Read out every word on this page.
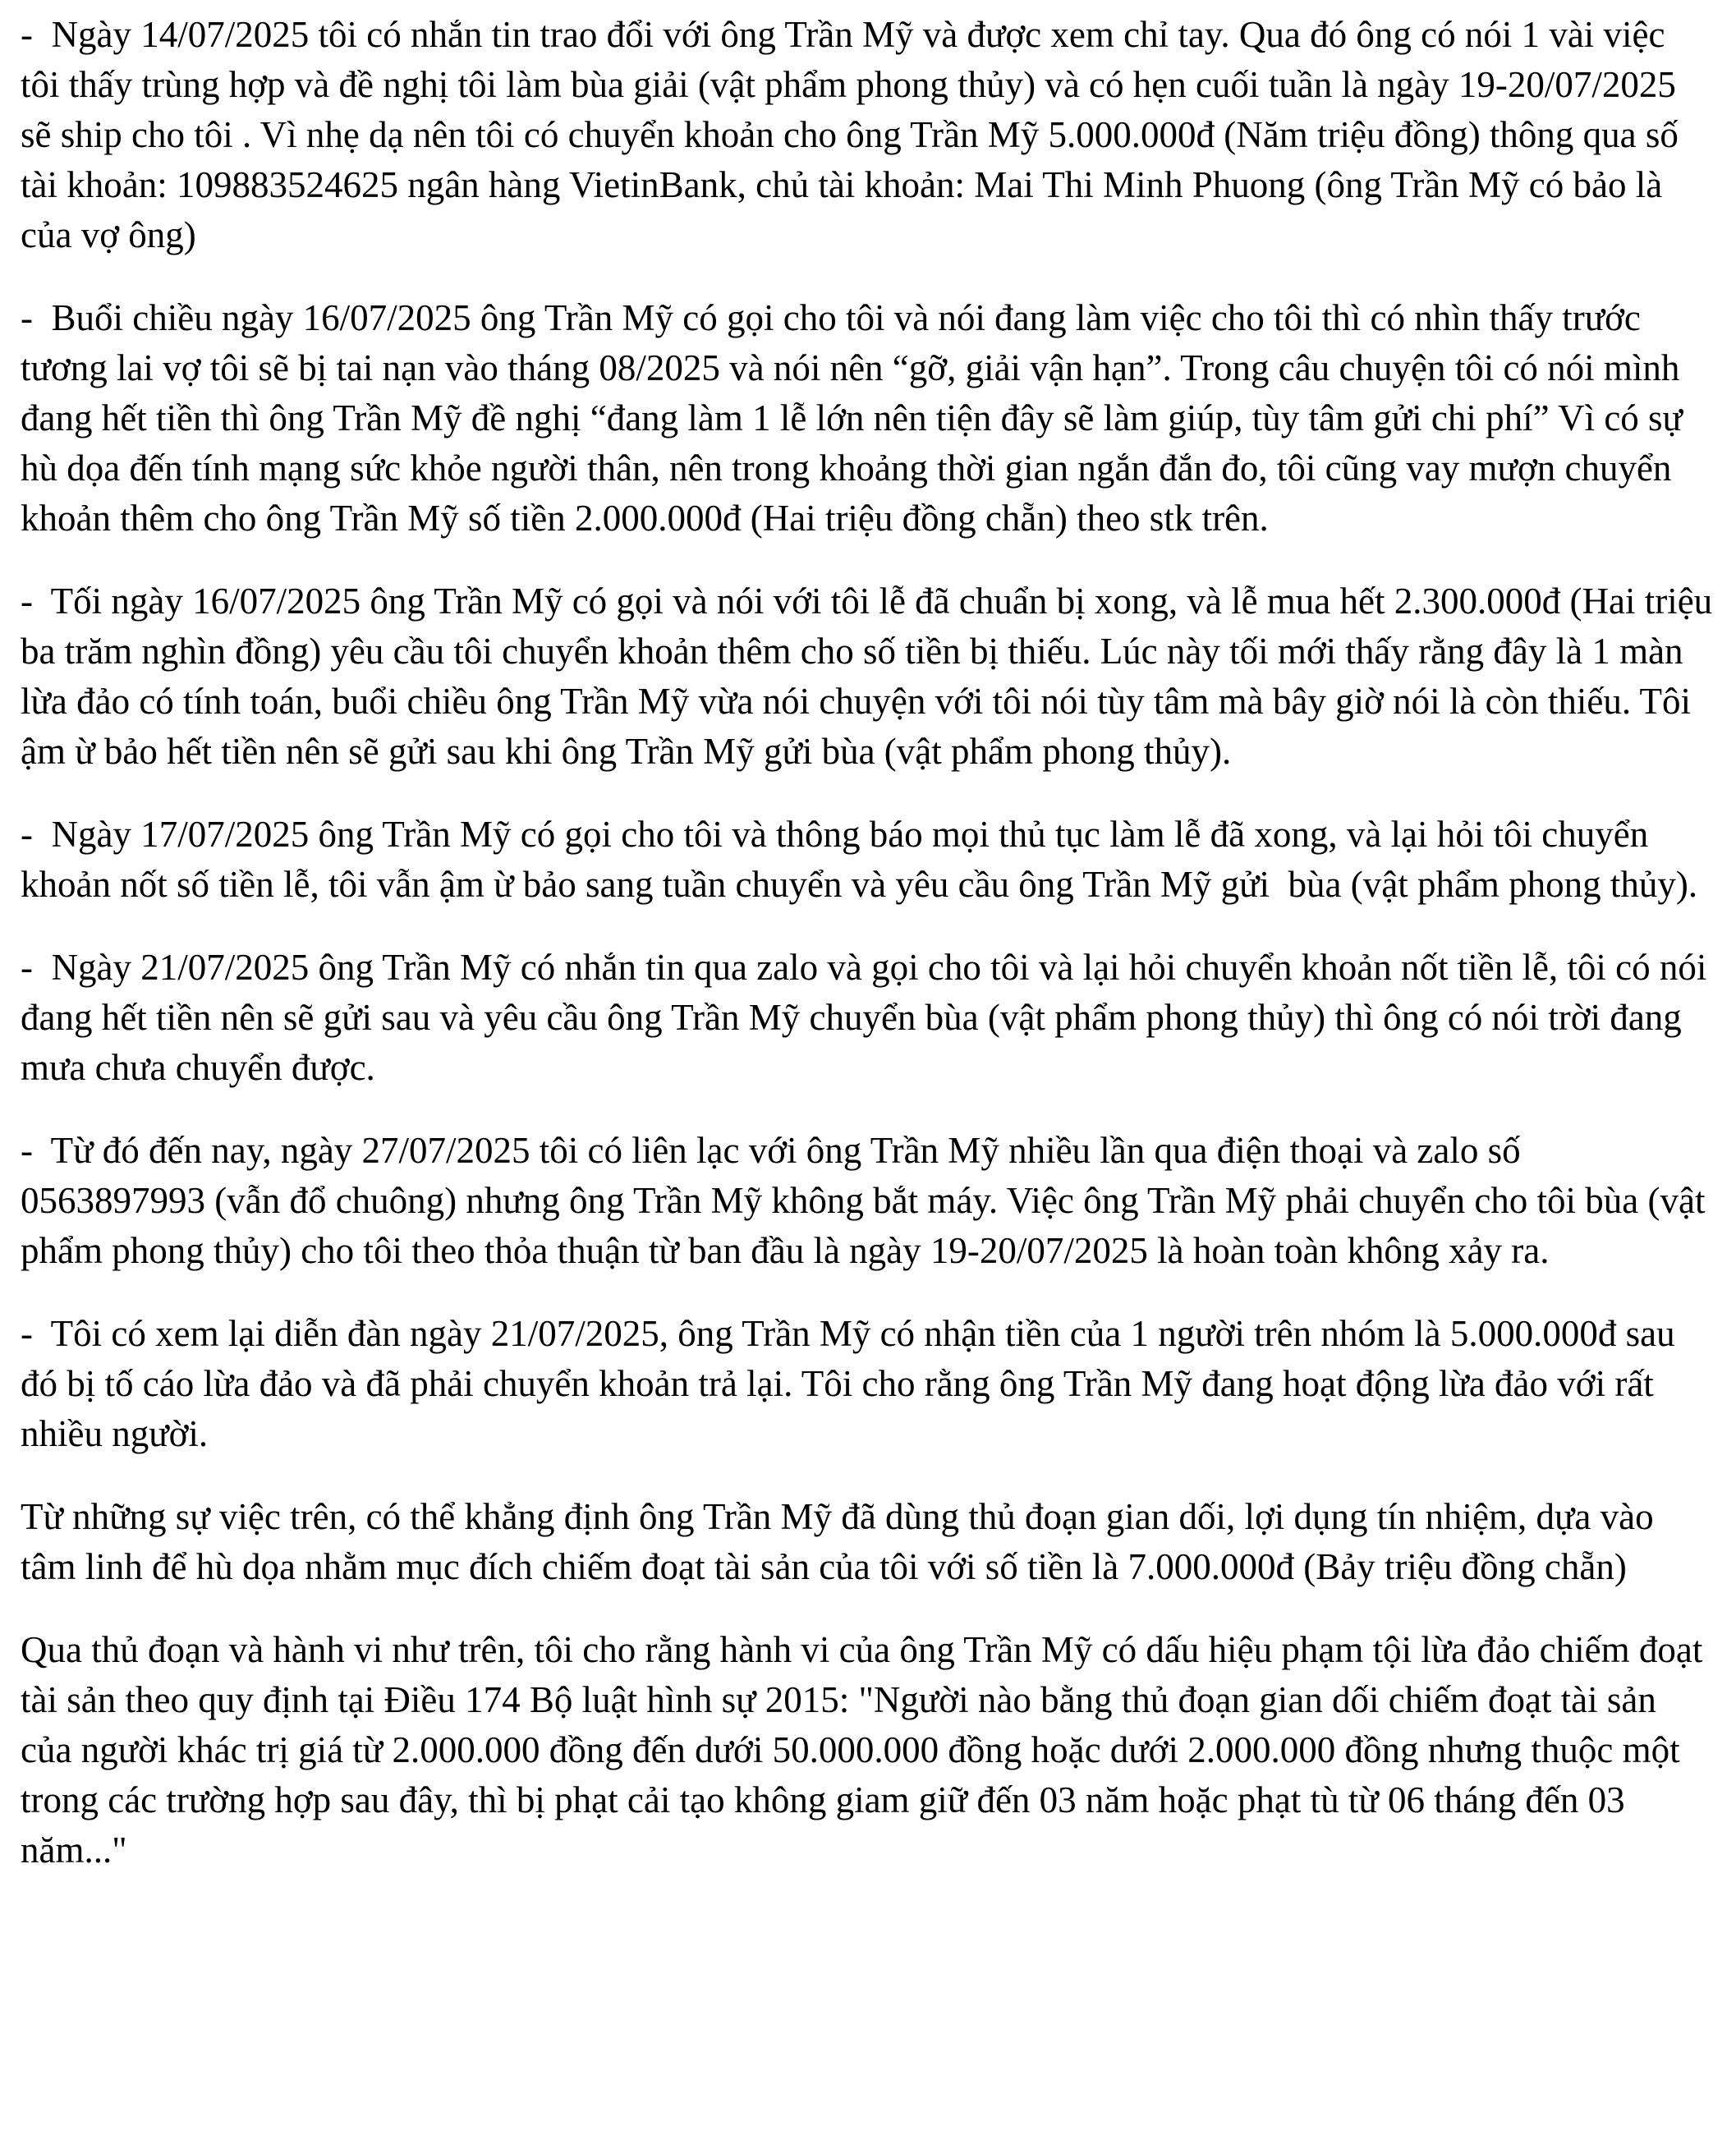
-  Ngày 14/07/2025 tôi có nhắn tin trao đổi với ông Trần Mỹ và được xem chỉ tay. Qua đó ông có nói 1 vài việc tôi thấy trùng hợp và đề nghị tôi làm bùa giải (vật phẩm phong thủy) và có hẹn cuối tuần là ngày 19-20/07/2025 sẽ ship cho tôi . Vì nhẹ dạ nên tôi có chuyển khoản cho ông Trần Mỹ 5.000.000đ (Năm triệu đồng) thông qua số tài khoản: 109883524625 ngân hàng VietinBank, chủ tài khoản: Mai Thi Minh Phuong (ông Trần Mỹ có bảo là của vợ ông)

-  Buổi chiều ngày 16/07/2025 ông Trần Mỹ có gọi cho tôi và nói đang làm việc cho tôi thì có nhìn thấy trước tương lai vợ tôi sẽ bị tai nạn vào tháng 08/2025 và nói nên “gỡ, giải vận hạn”. Trong câu chuyện tôi có nói mình đang hết tiền thì ông Trần Mỹ đề nghị “đang làm 1 lễ lớn nên tiện đây sẽ làm giúp, tùy tâm gửi chi phí” Vì có sự hù dọa đến tính mạng sức khỏe người thân, nên trong khoảng thời gian ngắn đắn đo, tôi cũng vay mượn chuyển khoản thêm cho ông Trần Mỹ số tiền 2.000.000đ (Hai triệu đồng chẵn) theo stk trên.

-  Tối ngày 16/07/2025 ông Trần Mỹ có gọi và nói với tôi lễ đã chuẩn bị xong, và lễ mua hết 2.300.000đ (Hai triệu ba trăm nghìn đồng) yêu cầu tôi chuyển khoản thêm cho số tiền bị thiếu. Lúc này tối mới thấy rằng đây là 1 màn lừa đảo có tính toán, buổi chiều ông Trần Mỹ vừa nói chuyện với tôi nói tùy tâm mà bây giờ nói là còn thiếu. Tôi ậm ừ bảo hết tiền nên sẽ gửi sau khi ông Trần Mỹ gửi bùa (vật phẩm phong thủy).

-  Ngày 17/07/2025 ông Trần Mỹ có gọi cho tôi và thông báo mọi thủ tục làm lễ đã xong, và lại hỏi tôi chuyển khoản nốt số tiền lễ, tôi vẫn ậm ừ bảo sang tuần chuyển và yêu cầu ông Trần Mỹ gửi  bùa (vật phẩm phong thủy).

-  Ngày 21/07/2025 ông Trần Mỹ có nhắn tin qua zalo và gọi cho tôi và lại hỏi chuyển khoản nốt tiền lễ, tôi có nói đang hết tiền nên sẽ gửi sau và yêu cầu ông Trần Mỹ chuyển bùa (vật phẩm phong thủy) thì ông có nói trời đang mưa chưa chuyển được.

-  Từ đó đến nay, ngày 27/07/2025 tôi có liên lạc với ông Trần Mỹ nhiều lần qua điện thoại và zalo số 0563897993 (vẫn đổ chuông) nhưng ông Trần Mỹ không bắt máy. Việc ông Trần Mỹ phải chuyển cho tôi bùa (vật phẩm phong thủy) cho tôi theo thỏa thuận từ ban đầu là ngày 19-20/07/2025 là hoàn toàn không xảy ra.

-  Tôi có xem lại diễn đàn ngày 21/07/2025, ông Trần Mỹ có nhận tiền của 1 người trên nhóm là 5.000.000đ sau đó bị tố cáo lừa đảo và đã phải chuyển khoản trả lại. Tôi cho rằng ông Trần Mỹ đang hoạt động lừa đảo với rất nhiều người.

Từ những sự việc trên, có thể khẳng định ông Trần Mỹ đã dùng thủ đoạn gian dối, lợi dụng tín nhiệm, dựa vào tâm linh để hù dọa nhằm mục đích chiếm đoạt tài sản của tôi với số tiền là 7.000.000đ (Bảy triệu đồng chẵn)

Qua thủ đoạn và hành vi như trên, tôi cho rằng hành vi của ông Trần Mỹ có dấu hiệu phạm tội lừa đảo chiếm đoạt tài sản theo quy định tại Điều 174 Bộ luật hình sự 2015: "Người nào bằng thủ đoạn gian dối chiếm đoạt tài sản của người khác trị giá từ 2.000.000 đồng đến dưới 50.000.000 đồng hoặc dưới 2.000.000 đồng nhưng thuộc một trong các trường hợp sau đây, thì bị phạt cải tạo không giam giữ đến 03 năm hoặc phạt tù từ 06 tháng đến 03 năm..."
